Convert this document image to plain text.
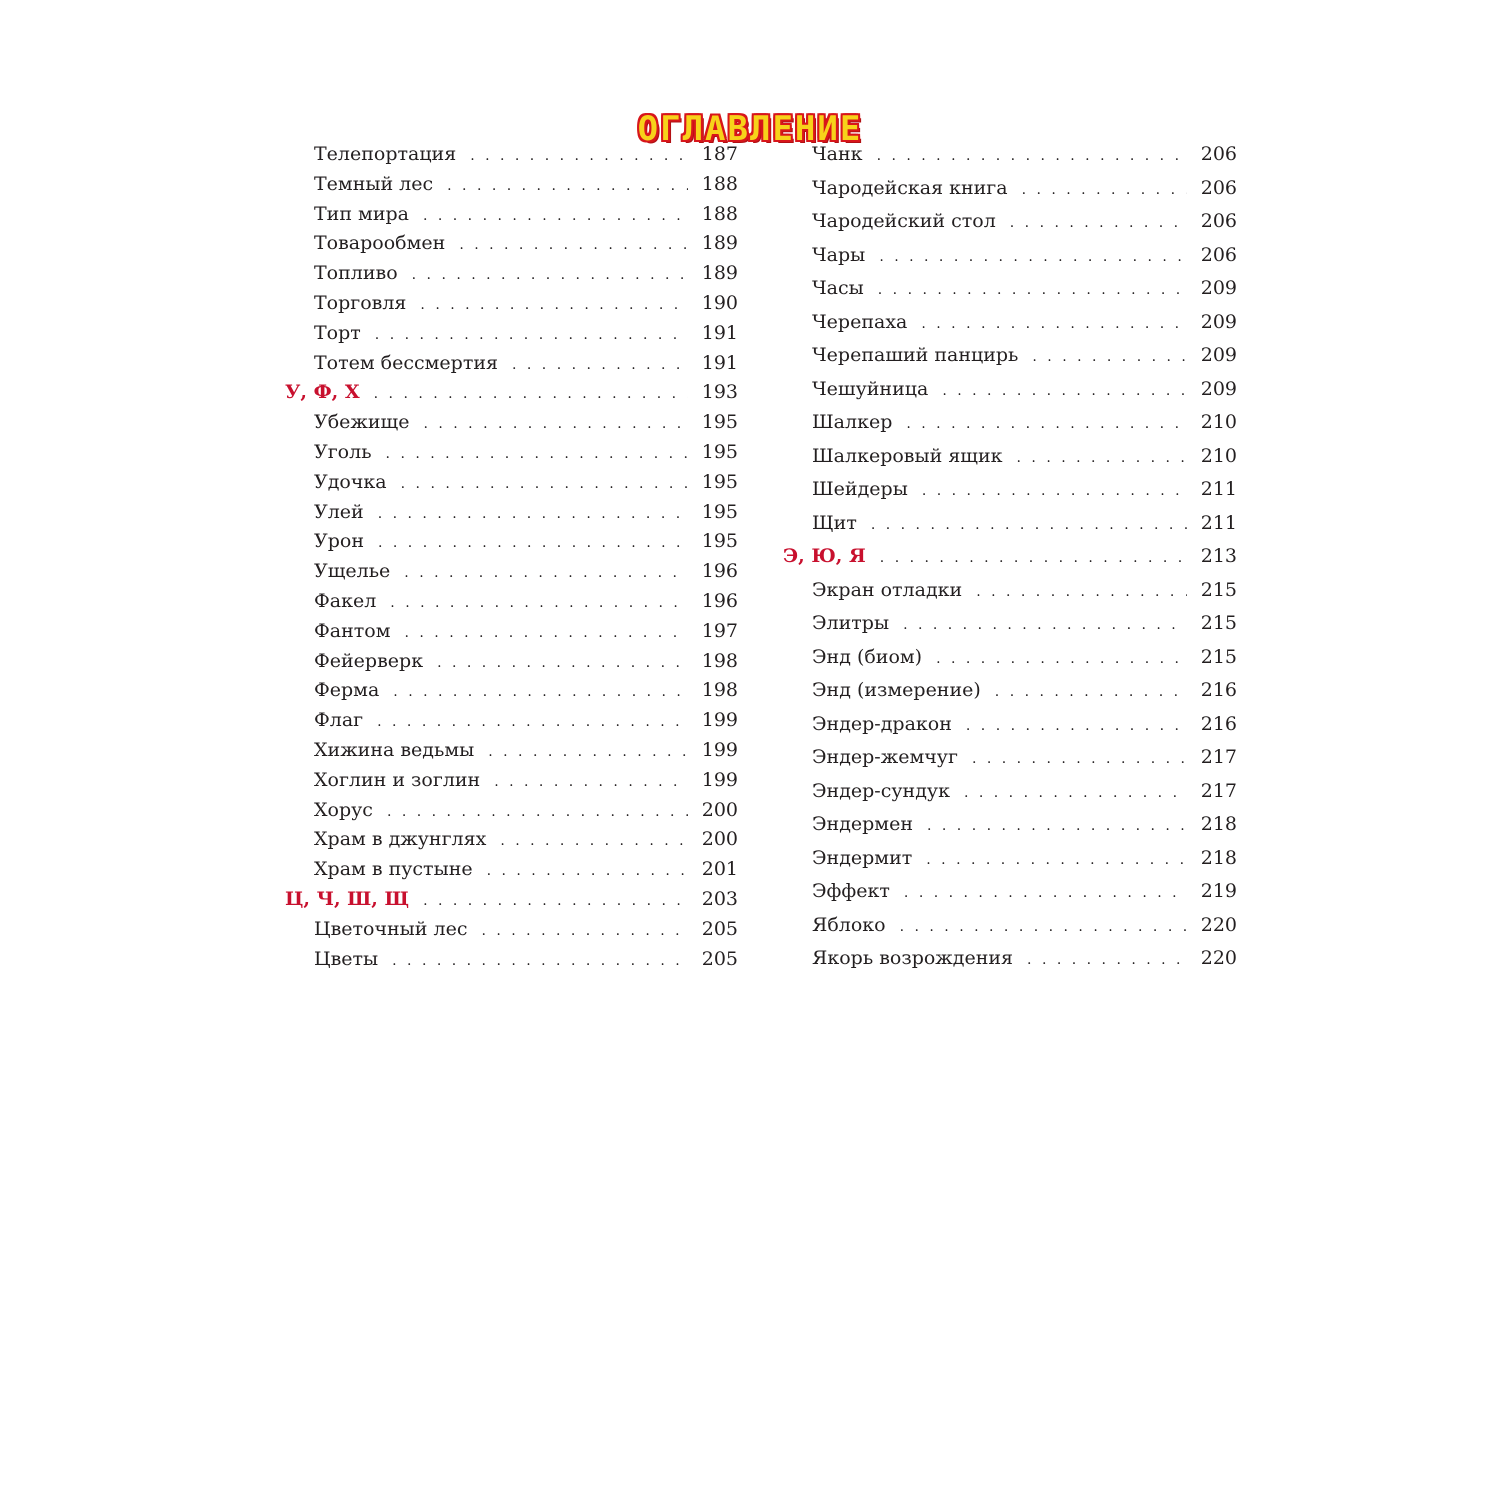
ОГЛАВЛЕНИЕ
Телепортация . . .	187
Темный лес . . .	188
Тип мира . . .	188
Товарообмен . . .	189
Топливо . . .	189
Торговля . . .	190
Торт . . .	191
Тотем бессмертия . . .	191
У, Ф, Х . . .	193
Убежище . . .	195
Уголь . . .	195
Удочка . . .	195
Улей . . .	195
Урон . . .	195
Ущелье . . .	196
Факел . . .	196
Фантом . . .	197
Фейерверк . . .	198
Ферма . . .	198
Флаг . . .	199
Хижина ведьмы . . .	199
Хоглин и зоглин . . .	199
Хорус . . .	200
Храм в джунглях . . .	200
Храм в пустыне . . .	201
Ц, Ч, Ш, Щ . . .	203
Цветочный лес . . .	205
Цветы . . .	205
Чанк . . .	206
Чародейская книга . . .	206
Чародейский стол . . .	206
Чары . . .	206
Часы . . .	209
Черепаха . . .	209
Черепаший панцирь . . .	209
Чешуйница . . .	209
Шалкер . . .	210
Шалкеровый ящик . . .	210
Шейдеры . . .	211
Щит . . .	211
Э, Ю, Я . . .	213
Экран отладки . . .	215
Элитры . . .	215
Энд (биом) . . .	215
Энд (измерение) . . .	216
Эндер-дракон . . .	216
Эндер-жемчуг . . .	217
Эндер-сундук . . .	217
Эндермен . . .	218
Эндермит . . .	218
Эффект . . .	219
Яблоко . . .	220
Якорь возрождения . . .	220
